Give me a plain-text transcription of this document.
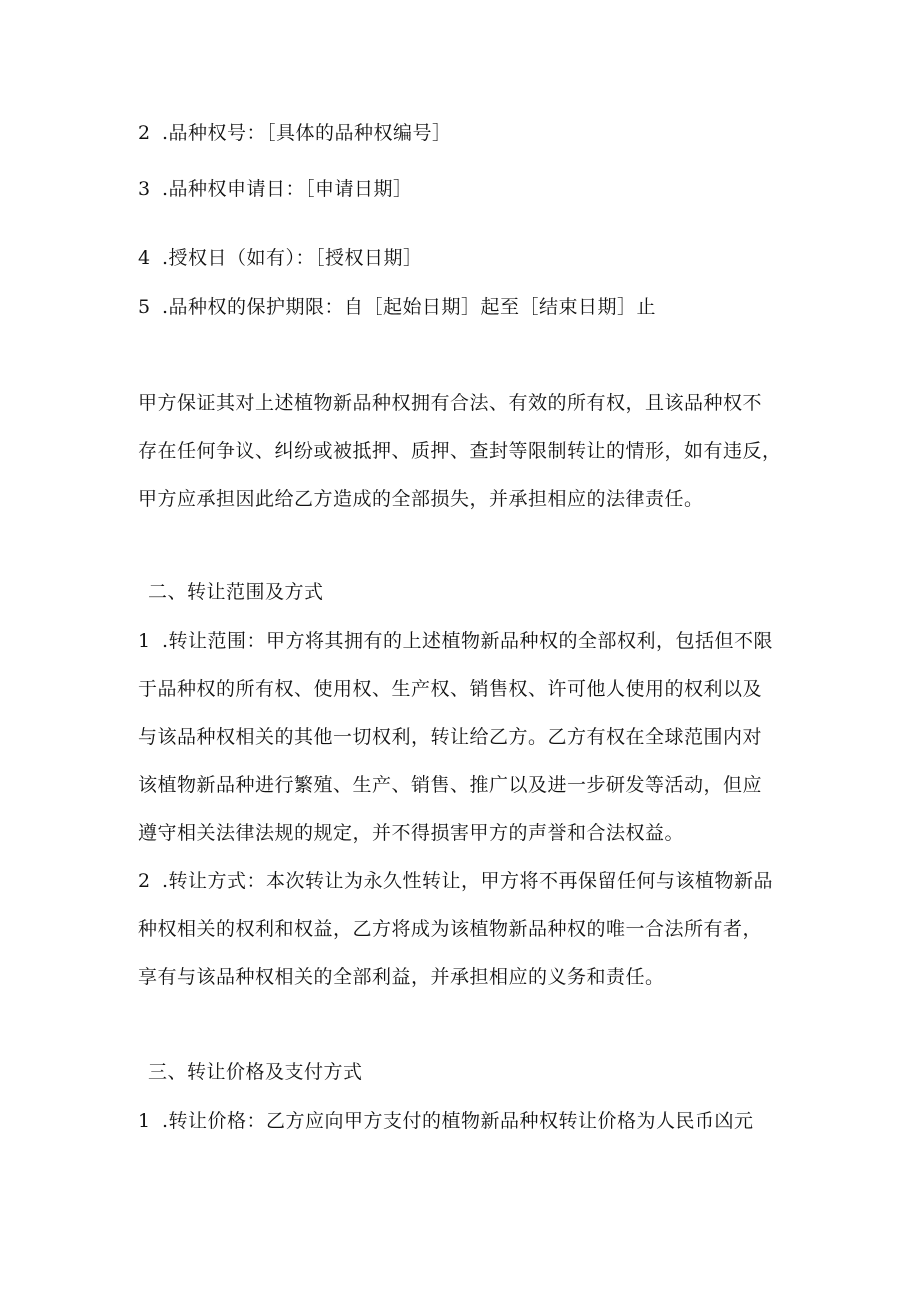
2 .品种权号：［具体的品种权编号］
3 .品种权申请日：［申请日期］
4 .授权日（如有）：［授权日期］
5 .品种权的保护期限：自［起始日期］起至［结束日期］止
甲方保证其对上述植物新品种权拥有合法、有效的所有权，且该品种权不
存在任何争议、纠纷或被抵押、质押、查封等限制转让的情形，如有违反，
甲方应承担因此给乙方造成的全部损失，并承担相应的法律责任。
二、转让范围及方式
1 .转让范围：甲方将其拥有的上述植物新品种权的全部权利，包括但不限
于品种权的所有权、使用权、生产权、销售权、许可他人使用的权利以及
与该品种权相关的其他一切权利，转让给乙方。乙方有权在全球范围内对
该植物新品种进行繁殖、生产、销售、推广以及进一步研发等活动，但应
遵守相关法律法规的规定，并不得损害甲方的声誉和合法权益。
2 .转让方式：本次转让为永久性转让，甲方将不再保留任何与该植物新品
种权相关的权利和权益，乙方将成为该植物新品种权的唯一合法所有者，
享有与该品种权相关的全部利益，并承担相应的义务和责任。
三、转让价格及支付方式
1 .转让价格：乙方应向甲方支付的植物新品种权转让价格为人民币凶元
